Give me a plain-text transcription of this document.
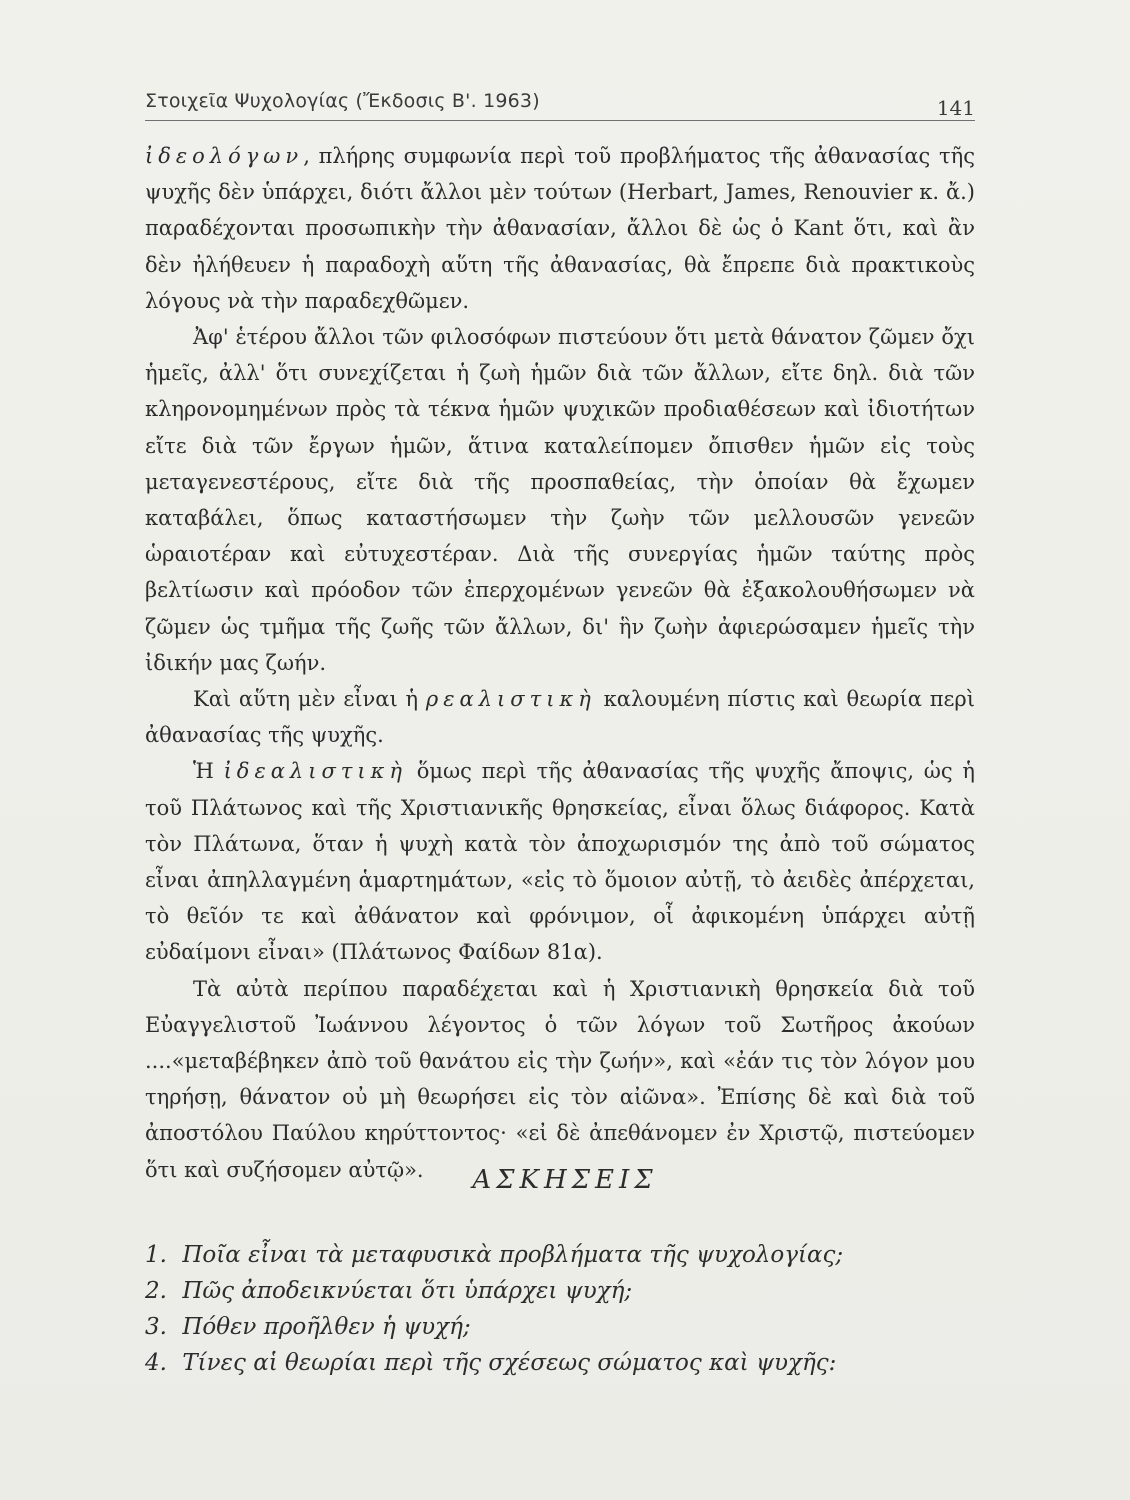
Στοιχεῖα Ψυχολογίας (Ἔκδοσις Β'. 1963)	141

ἰδεολόγων, πλήρης συμφωνία περὶ τοῦ προβλήματος τῆς ἀθανασίας τῆς ψυχῆς δὲν ὑπάρχει, διότι ἄλλοι μὲν τούτων (Herbart, James, Renouvier κ. ἄ.) παραδέχονται προσωπικὴν τὴν ἀθανασίαν, ἄλλοι δὲ ὡς ὁ Kant ὅτι, καὶ ἂν δὲν ἠλήθευεν ἡ παραδοχὴ αὕτη τῆς ἀθανασίας, θὰ ἔπρεπε διὰ πρακτικοὺς λόγους νὰ τὴν παραδεχθῶμεν.

Ἀφ' ἑτέρου ἄλλοι τῶν φιλοσόφων πιστεύουν ὅτι μετὰ θάνατον ζῶμεν ὄχι ἡμεῖς, ἀλλ' ὅτι συνεχίζεται ἡ ζωὴ ἡμῶν διὰ τῶν ἄλλων, εἴτε δηλ. διὰ τῶν κληρονομημένων πρὸς τὰ τέκνα ἡμῶν ψυχικῶν προδιαθέσεων καὶ ἰδιοτήτων εἴτε διὰ τῶν ἔργων ἡμῶν, ἅτινα καταλείπομεν ὄπισθεν ἡμῶν εἰς τοὺς μεταγενεστέρους, εἴτε διὰ τῆς προσπαθείας, τὴν ὁποίαν θὰ ἔχωμεν καταβάλει, ὅπως καταστήσωμεν τὴν ζωὴν τῶν μελλουσῶν γενεῶν ὡραιοτέραν καὶ εὐτυχεστέραν. Διὰ τῆς συνεργίας ἡμῶν ταύτης πρὸς βελτίωσιν καὶ πρόοδον τῶν ἐπερχομένων γενεῶν θὰ ἐξακολουθήσωμεν νὰ ζῶμεν ὡς τμῆμα τῆς ζωῆς τῶν ἄλλων, δι' ἣν ζωὴν ἀφιερώσαμεν ἡμεῖς τὴν ἰδικήν μας ζωήν.

Καὶ αὕτη μὲν εἶναι ἡ ρεαλιστικὴ καλουμένη πίστις καὶ θεωρία περὶ ἀθανασίας τῆς ψυχῆς.

Ἡ ἰδεαλιστικὴ ὅμως περὶ τῆς ἀθανασίας τῆς ψυχῆς ἄποψις, ὡς ἡ τοῦ Πλάτωνος καὶ τῆς Χριστιανικῆς θρησκείας, εἶναι ὅλως διάφορος. Κατὰ τὸν Πλάτωνα, ὅταν ἡ ψυχὴ κατὰ τὸν ἀποχωρισμόν της ἀπὸ τοῦ σώματος εἶναι ἀπηλλαγμένη ἁμαρτημάτων, «εἰς τὸ ὅμοιον αὐτῇ, τὸ ἀειδὲς ἀπέρχεται, τὸ θεῖόν τε καὶ ἀθάνατον καὶ φρόνιμον, οἷ ἀφικομένη ὑπάρχει αὐτῇ εὐδαίμονι εἶναι» (Πλάτωνος Φαίδων 81α).

Τὰ αὐτὰ περίπου παραδέχεται καὶ ἡ Χριστιανικὴ θρησκεία διὰ τοῦ Εὐαγγελιστοῦ Ἰωάννου λέγοντος ὁ τῶν λόγων τοῦ Σωτῆρος ἀκούων ....«μεταβέβηκεν ἀπὸ τοῦ θανάτου εἰς τὴν ζωήν», καὶ «ἐάν τις τὸν λόγον μου τηρήσῃ, θάνατον οὐ μὴ θεωρήσει εἰς τὸν αἰῶνα». Ἐπίσης δὲ καὶ διὰ τοῦ ἀποστόλου Παύλου κηρύττοντος· «εἰ δὲ ἀπεθάνομεν ἐν Χριστῷ, πιστεύομεν ὅτι καὶ συζήσομεν αὐτῷ».	ΑΣΚΗΣΕΙΣ
1. Ποῖα εἶναι τὰ μεταφυσικὰ προβλήματα τῆς ψυχολογίας;
2. Πῶς ἀποδεικνύεται ὅτι ὑπάρχει ψυχή;
3. Πόθεν προῆλθεν ἡ ψυχή;
4. Τίνες αἱ θεωρίαι περὶ τῆς σχέσεως σώματος καὶ ψυχῆς:
